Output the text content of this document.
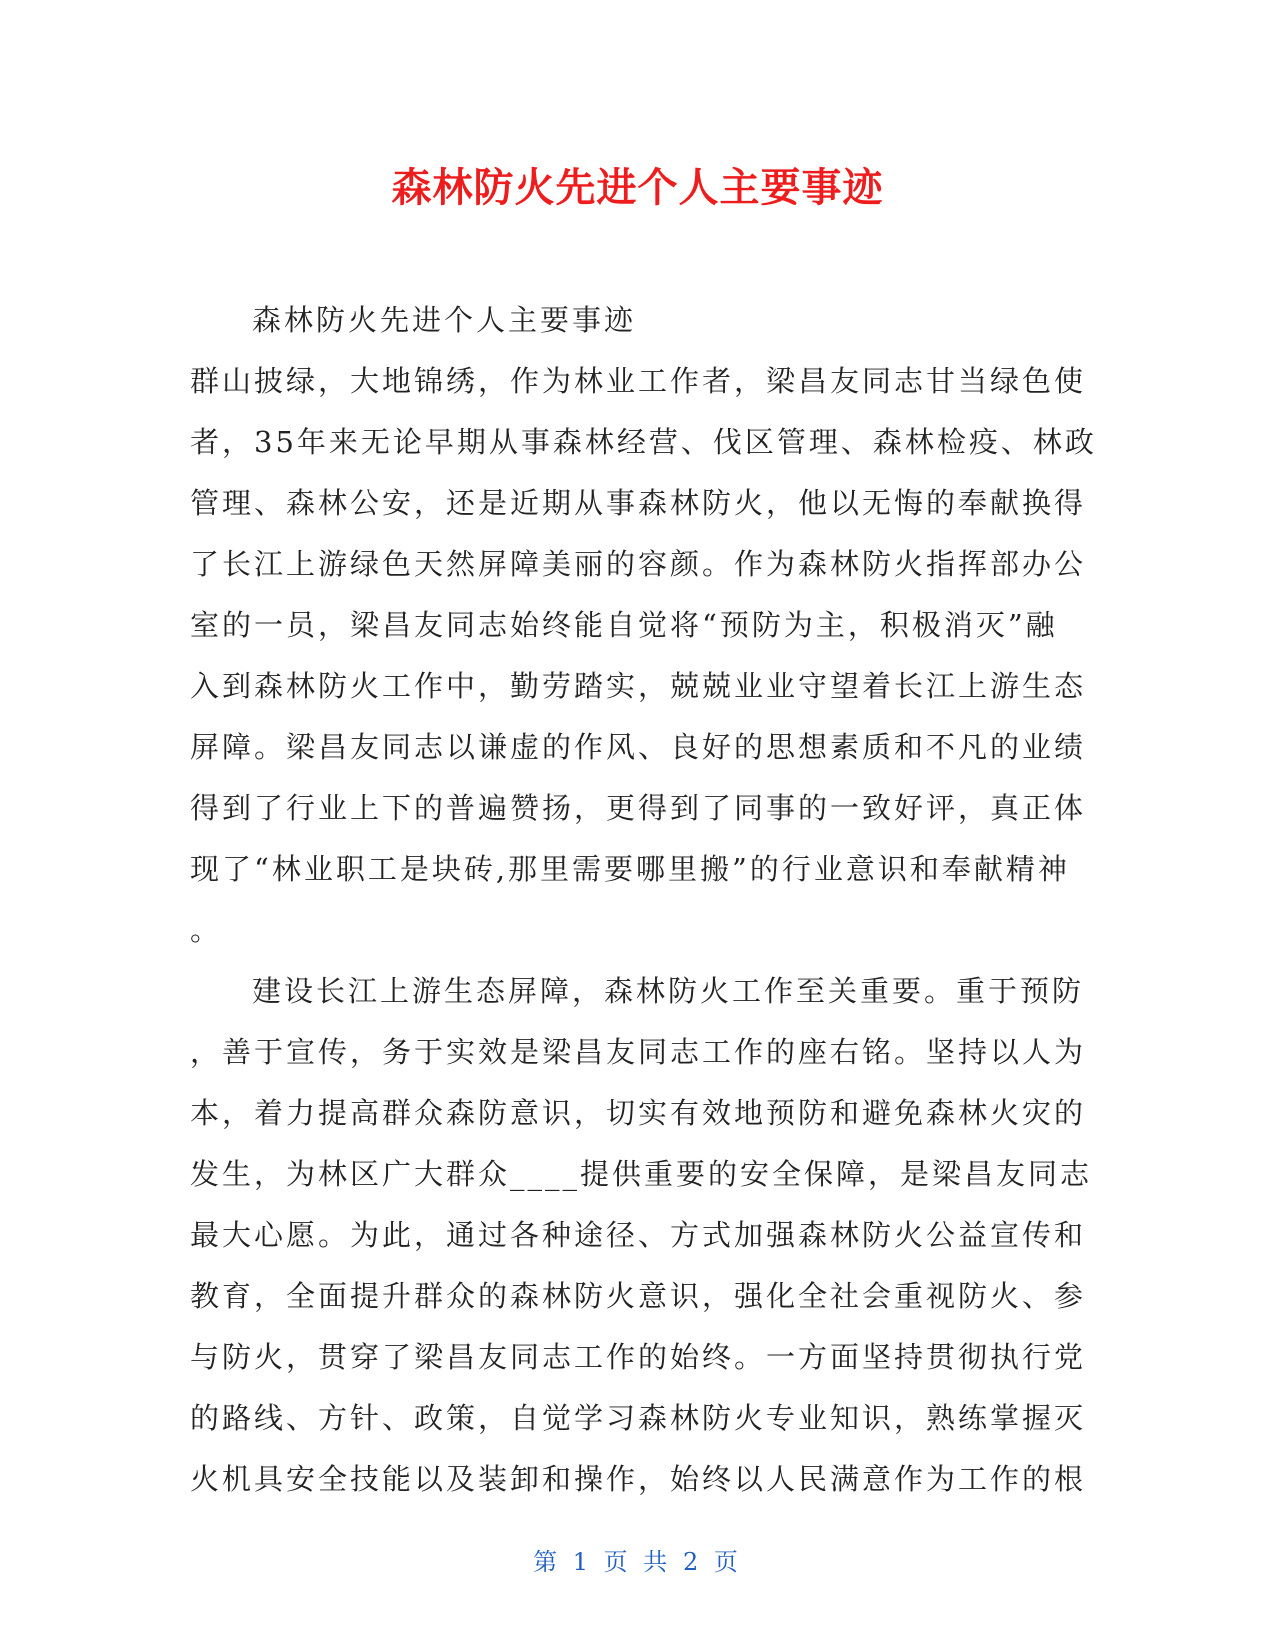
森林防火先进个人主要事迹
森林防火先进个人主要事迹
群山披绿，大地锦绣，作为林业工作者，梁昌友同志甘当绿色使
者，35年来无论早期从事森林经营、伐区管理、森林检疫、林政
管理、森林公安，还是近期从事森林防火，他以无悔的奉献换得
了长江上游绿色天然屏障美丽的容颜。作为森林防火指挥部办公
室的一员，梁昌友同志始终能自觉将“预防为主，积极消灭”融
入到森林防火工作中，勤劳踏实，兢兢业业守望着长江上游生态
屏障。梁昌友同志以谦虚的作风、良好的思想素质和不凡的业绩
得到了行业上下的普遍赞扬，更得到了同事的一致好评，真正体
现了“林业职工是块砖,那里需要哪里搬”的行业意识和奉献精神
。
建设长江上游生态屏障，森林防火工作至关重要。重于预防
，善于宣传，务于实效是梁昌友同志工作的座右铭。坚持以人为
本，着力提高群众森防意识，切实有效地预防和避免森林火灾的
发生，为林区广大群众____提供重要的安全保障，是梁昌友同志
最大心愿。为此，通过各种途径、方式加强森林防火公益宣传和
教育，全面提升群众的森林防火意识，强化全社会重视防火、参
与防火，贯穿了梁昌友同志工作的始终。一方面坚持贯彻执行党
的路线、方针、政策，自觉学习森林防火专业知识，熟练掌握灭
火机具安全技能以及装卸和操作，始终以人民满意作为工作的根
第 1 页 共 2 页
